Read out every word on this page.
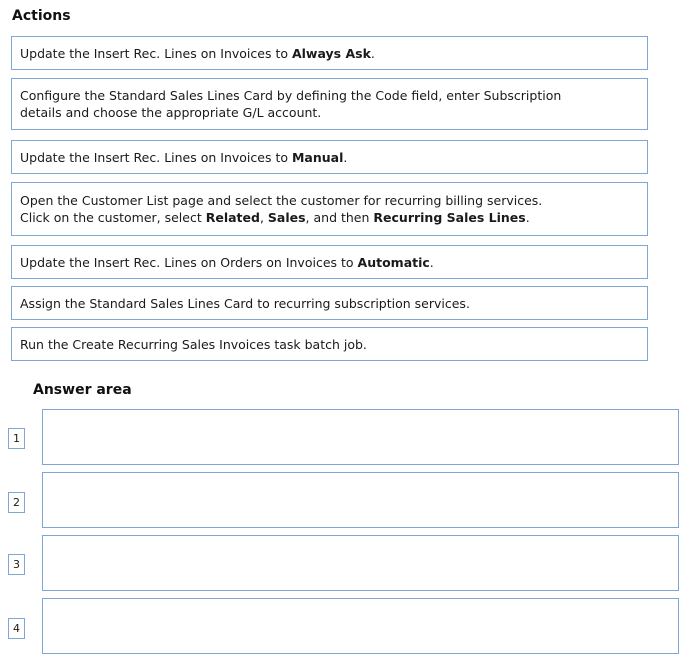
Actions
Update the Insert Rec. Lines on Invoices to Always Ask.
Configure the Standard Sales Lines Card by defining the Code field, enter Subscription
details and choose the appropriate G/L account.
Update the Insert Rec. Lines on Invoices to Manual.
Open the Customer List page and select the customer for recurring billing services.
Click on the customer, select Related, Sales, and then Recurring Sales Lines.
Update the Insert Rec. Lines on Orders on Invoices to Automatic.
Assign the Standard Sales Lines Card to recurring subscription services.
Run the Create Recurring Sales Invoices task batch job.
Answer area
1
2
3
4
